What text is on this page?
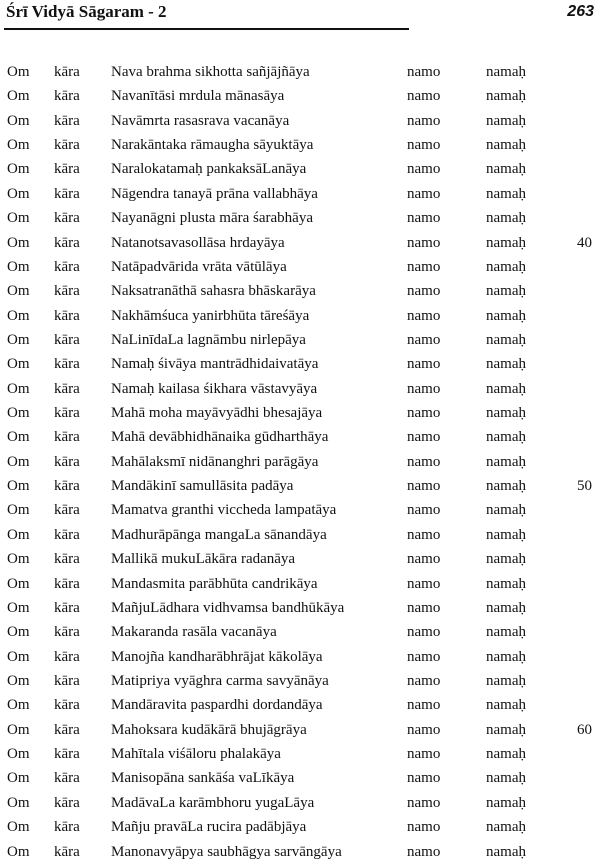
Śrī Vidyā Sāgaram - 2	263
Om kāra Nava brahma sikhotta sañjājñāya	namo	namaḥ
Om kāra Navanītāsi mrdula mānasāya	namo	namaḥ
Om kāra Navāmrta rasasrava vacanāya	namo	namaḥ
Om kāra Narakāntaka rāmaugha sāyuktāya	namo	namaḥ
Om kāra Naralokatamaḥ pankaksāLanāya	namo	namaḥ
Om kāra Nāgendra tanayā prāna vallabhāya	namo	namaḥ
Om kāra Nayanāgni plusta māra śarabhāya	namo	namaḥ
Om kāra Natanotsavasollāsa hrdayāya	namo	namaḥ	40
Om kāra Natāpadvārida vrāta vātūlāya	namo	namaḥ
Om kāra Naksatranāthā sahasra bhāskarāya	namo	namaḥ
Om kāra Nakhāmśuca yanirbhūta tāreśāya	namo	namaḥ
Om kāra NaLinīdaLa lagnāmbu nirlepāya	namo	namaḥ
Om kāra Namaḥ śivāya mantrādhidaivatāya	namo	namaḥ
Om kāra Namaḥ kailasa śikhara vāstavyāya	namo	namaḥ
Om kāra Mahā moha mayāvyādhi bhesajāya	namo	namaḥ
Om kāra Mahā devābhidhānaika gūdharthāya	namo	namaḥ
Om kāra Mahālaksmī nidānanghri parāgāya	namo	namaḥ
Om kāra Mandākinī samullāsita padāya	namo	namaḥ	50
Om kāra Mamatva granthi viccheda lampatāya	namo	namaḥ
Om kāra Madhurāpānga mangaLa sānandāya	namo	namaḥ
Om kāra Mallikā mukuLākāra radanāya	namo	namaḥ
Om kāra Mandasmita parābhūta candrikāya	namo	namaḥ
Om kāra MañjuLādhara vidhvamsa bandhūkāya	namo	namaḥ
Om kāra Makaranda rasāla vacanāya	namo	namaḥ
Om kāra Manojña kandharābhrājat kākolāya	namo	namaḥ
Om kāra Matipriya vyāghra carma savyānāya	namo	namaḥ
Om kāra Mandāravita paspardhi dordandāya	namo	namaḥ
Om kāra Mahoksara kudākārā bhujāgrāya	namo	namaḥ	60
Om kāra Mahītala viśāloru phalakāya	namo	namaḥ
Om kāra Manisopāna sankāśa vaLīkāya	namo	namaḥ
Om kāra MadāvaLa karāmbhoru yugaLāya	namo	namaḥ
Om kāra Mañju pravāLa rucira padābjāya	namo	namaḥ
Om kāra Manonavyāpya saubhāgya sarvāngāya	namo	namaḥ
